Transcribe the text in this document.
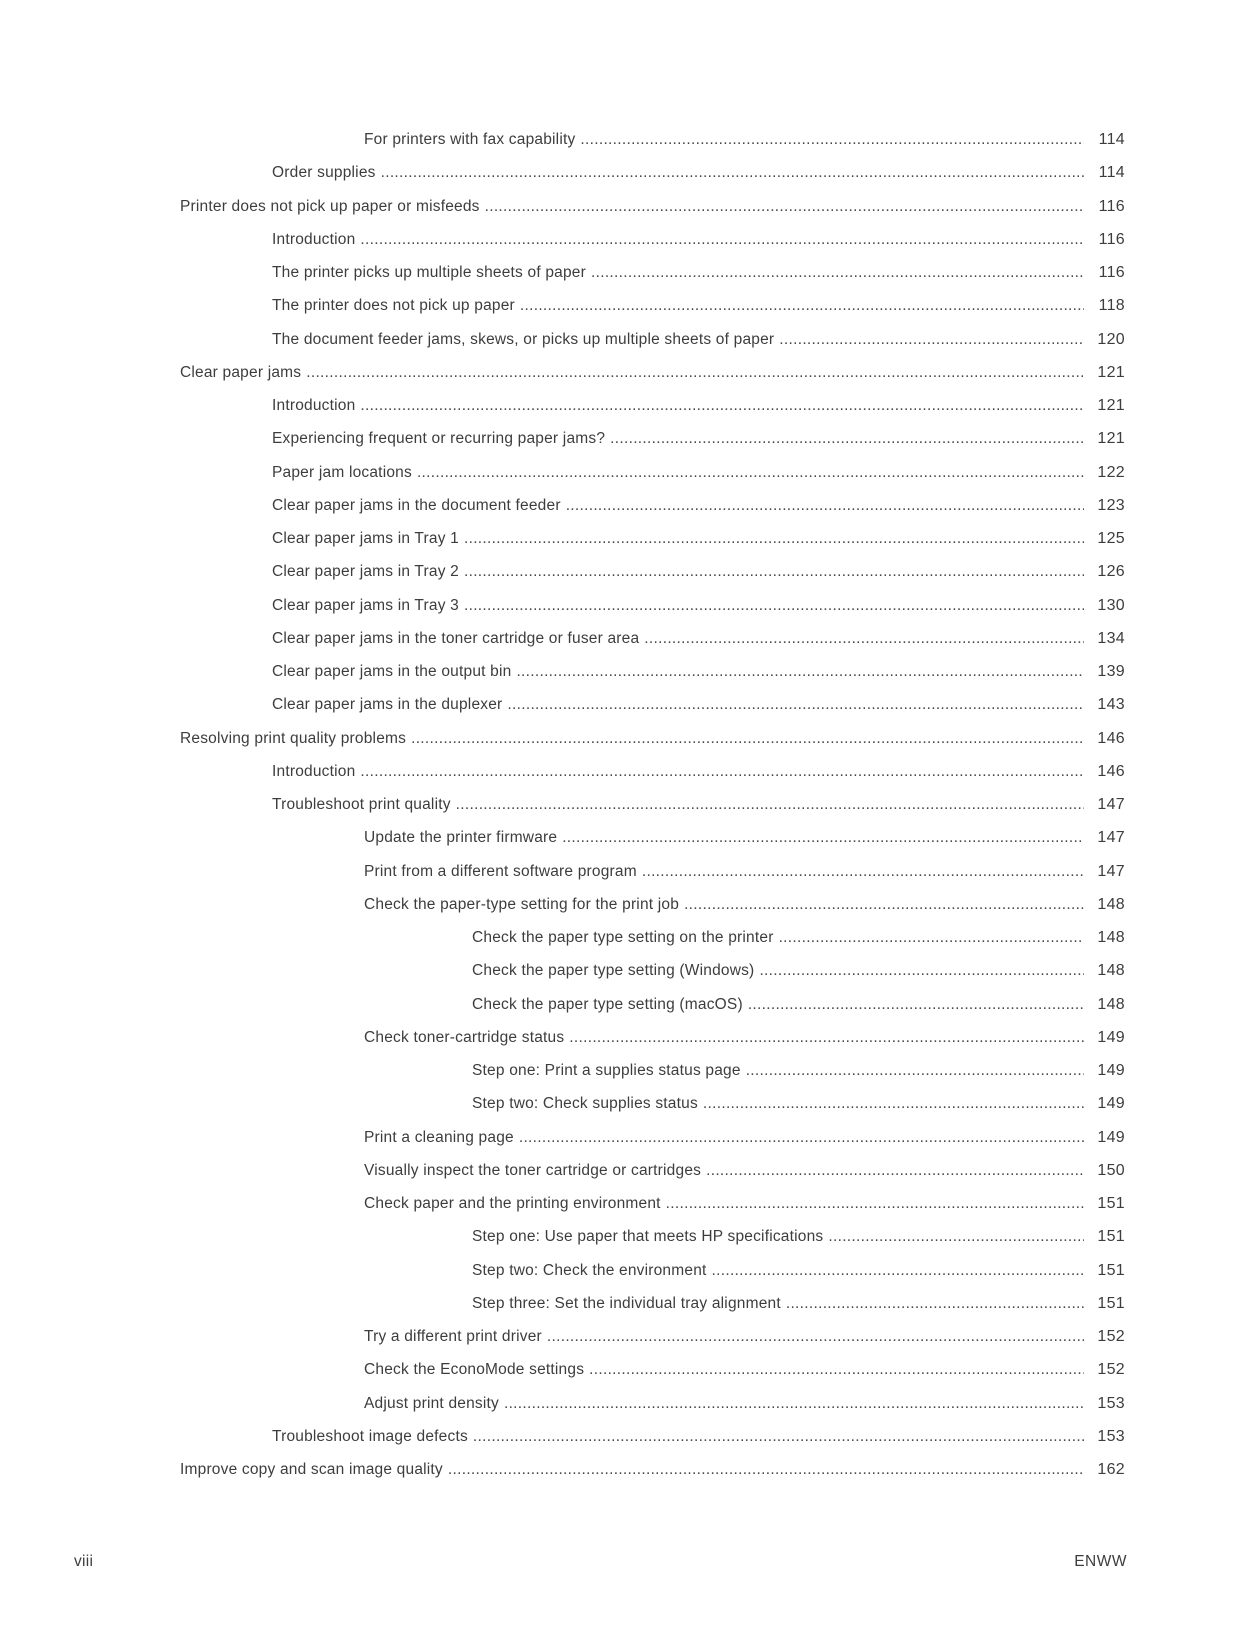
For printers with fax capability .....	114
Order supplies .....	114
Printer does not pick up paper or misfeeds .....	116
Introduction .....	116
The printer picks up multiple sheets of paper .....	116
The printer does not pick up paper .....	118
The document feeder jams, skews, or picks up multiple sheets of paper .....	120
Clear paper jams .....	121
Introduction .....	121
Experiencing frequent or recurring paper jams? .....	121
Paper jam locations .....	122
Clear paper jams in the document feeder .....	123
Clear paper jams in Tray 1 .....	125
Clear paper jams in Tray 2 .....	126
Clear paper jams in Tray 3 .....	130
Clear paper jams in the toner cartridge or fuser area .....	134
Clear paper jams in the output bin .....	139
Clear paper jams in the duplexer .....	143
Resolving print quality problems .....	146
Introduction .....	146
Troubleshoot print quality .....	147
Update the printer firmware .....	147
Print from a different software program .....	147
Check the paper-type setting for the print job .....	148
Check the paper type setting on the printer .....	148
Check the paper type setting (Windows) .....	148
Check the paper type setting (macOS) .....	148
Check toner-cartridge status .....	149
Step one: Print a supplies status page .....	149
Step two: Check supplies status .....	149
Print a cleaning page .....	149
Visually inspect the toner cartridge or cartridges .....	150
Check paper and the printing environment .....	151
Step one: Use paper that meets HP specifications .....	151
Step two: Check the environment .....	151
Step three: Set the individual tray alignment .....	151
Try a different print driver .....	152
Check the EconoMode settings .....	152
Adjust print density .....	153
Troubleshoot image defects .....	153
Improve copy and scan image quality .....	162
viii	ENWW
